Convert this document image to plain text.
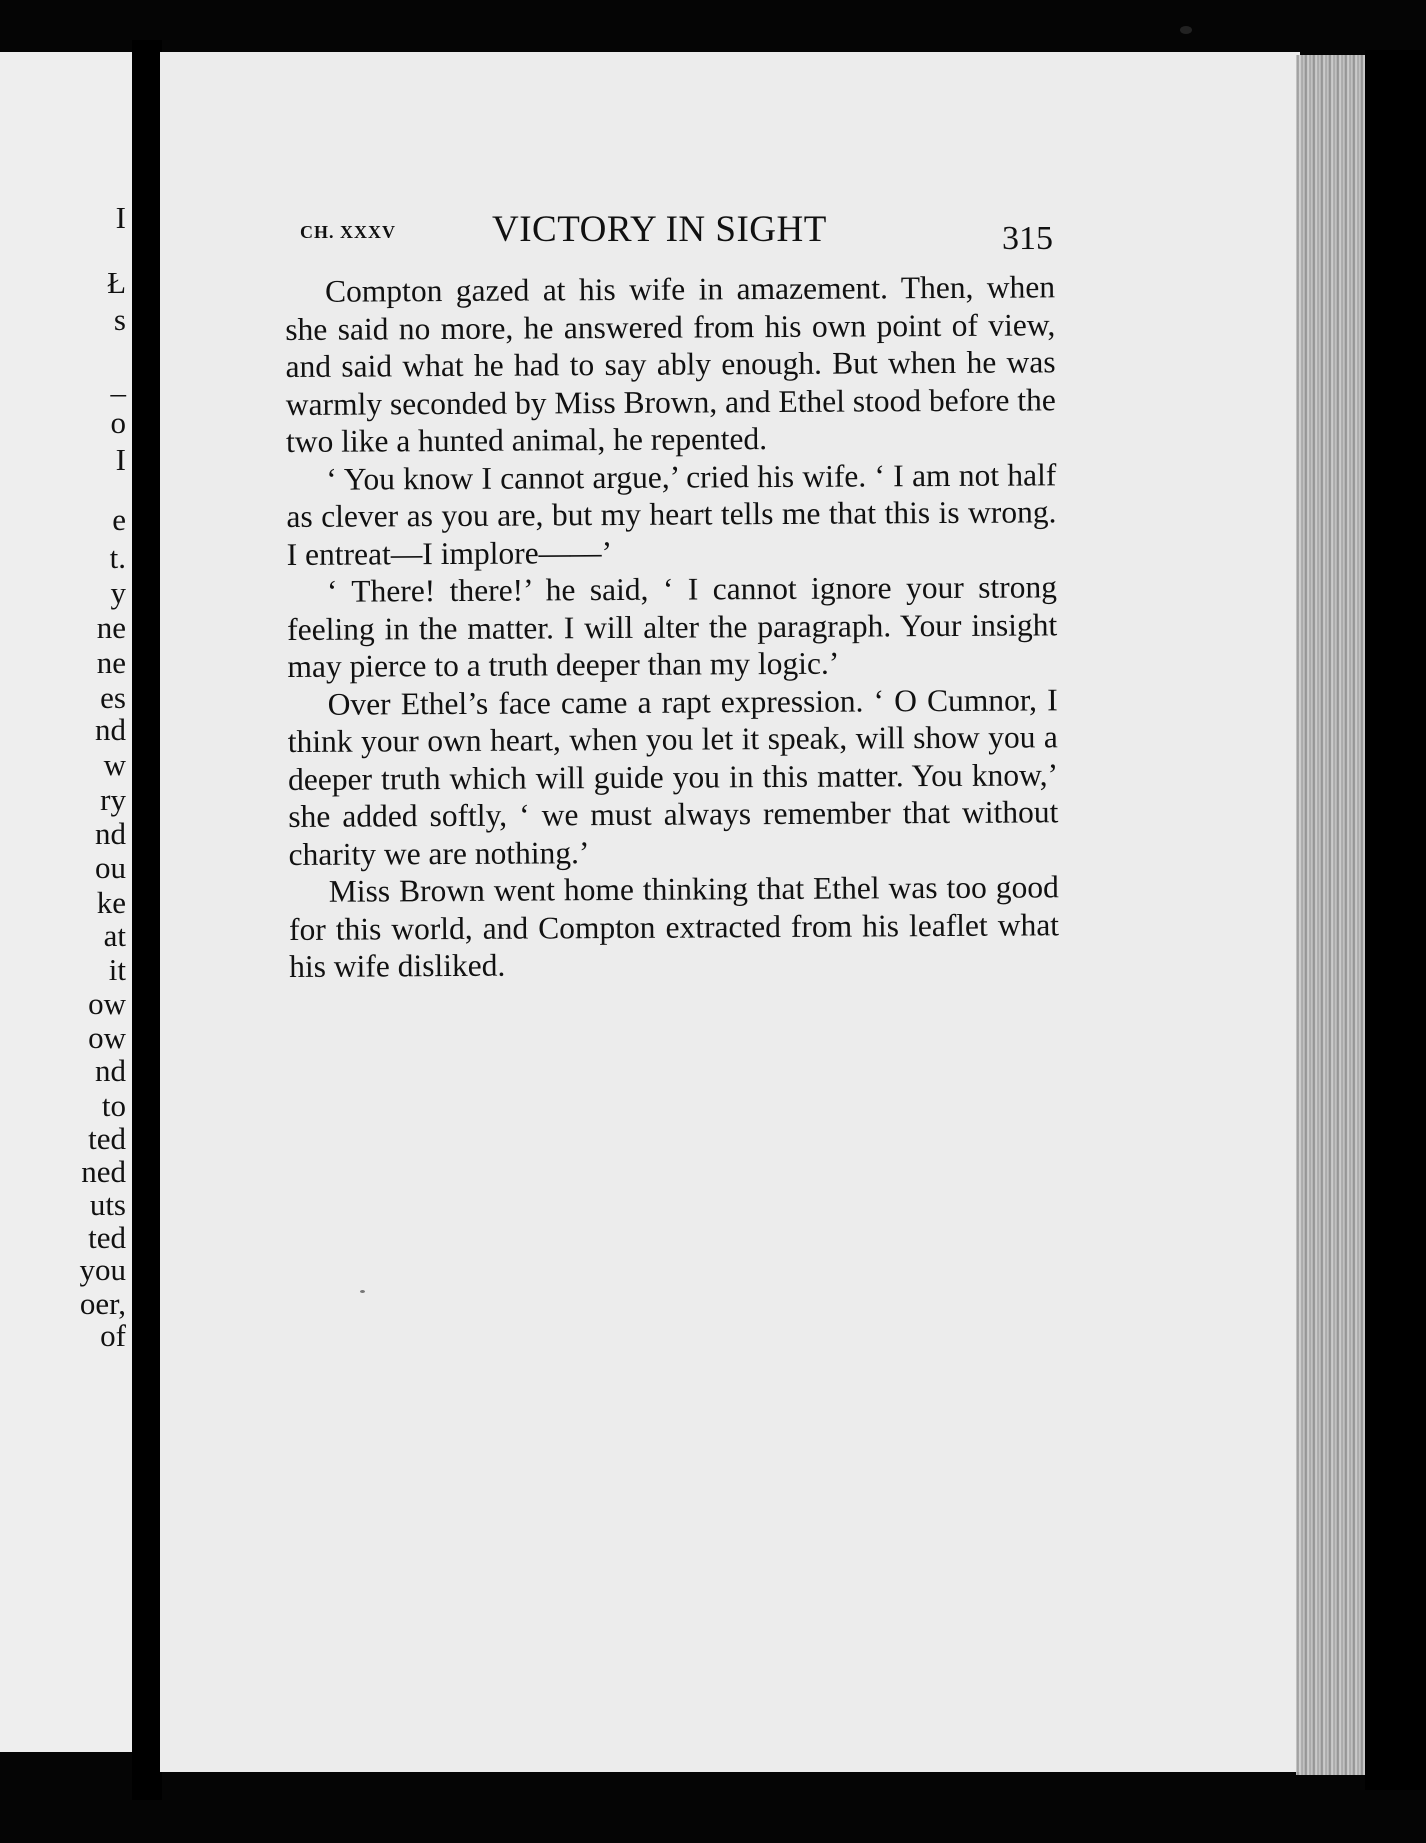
I
Ł
s
–
o
I
e
t.
y
ne
ne
es
nd
w
ry
nd
ou
ke
at
it
ow
ow
nd
to
ted
ned
uts
ted
you
oer,
of
CH. XXXV	VICTORY IN SIGHT	315

Compton gazed at his wife in amazement. Then, when she said no more, he answered from his own point of view, and said what he had to say ably enough. But when he was warmly seconded by Miss Brown, and Ethel stood before the two like a hunted animal, he repented.

‘ You know I cannot argue,’ cried his wife. ‘ I am not half as clever as you are, but my heart tells me that this is wrong. I entreat—I implore——’

‘ There! there!’ he said, ‘ I cannot ignore your strong feeling in the matter. I will alter the paragraph. Your insight may pierce to a truth deeper than my logic.’

Over Ethel’s face came a rapt expression. ‘ O Cumnor, I think your own heart, when you let it speak, will show you a deeper truth which will guide you in this matter. You know,’ she added softly, ‘ we must always remember that without charity we are nothing.’

Miss Brown went home thinking that Ethel was too good for this world, and Compton extracted from his leaflet what his wife disliked.
